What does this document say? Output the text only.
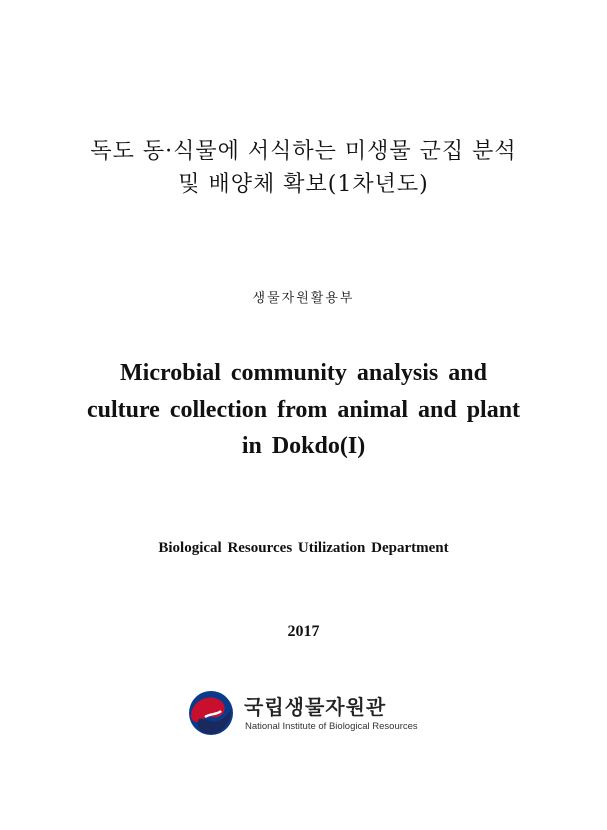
독도 동·식물에 서식하는 미생물 군집 분석
및 배양체 확보(1차년도)
생물자원활용부
Microbial community analysis and
culture collection from animal and plant
in Dokdo(I)
Biological Resources Utilization Department
2017
국립생물자원관
National Institute of Biological Resources
